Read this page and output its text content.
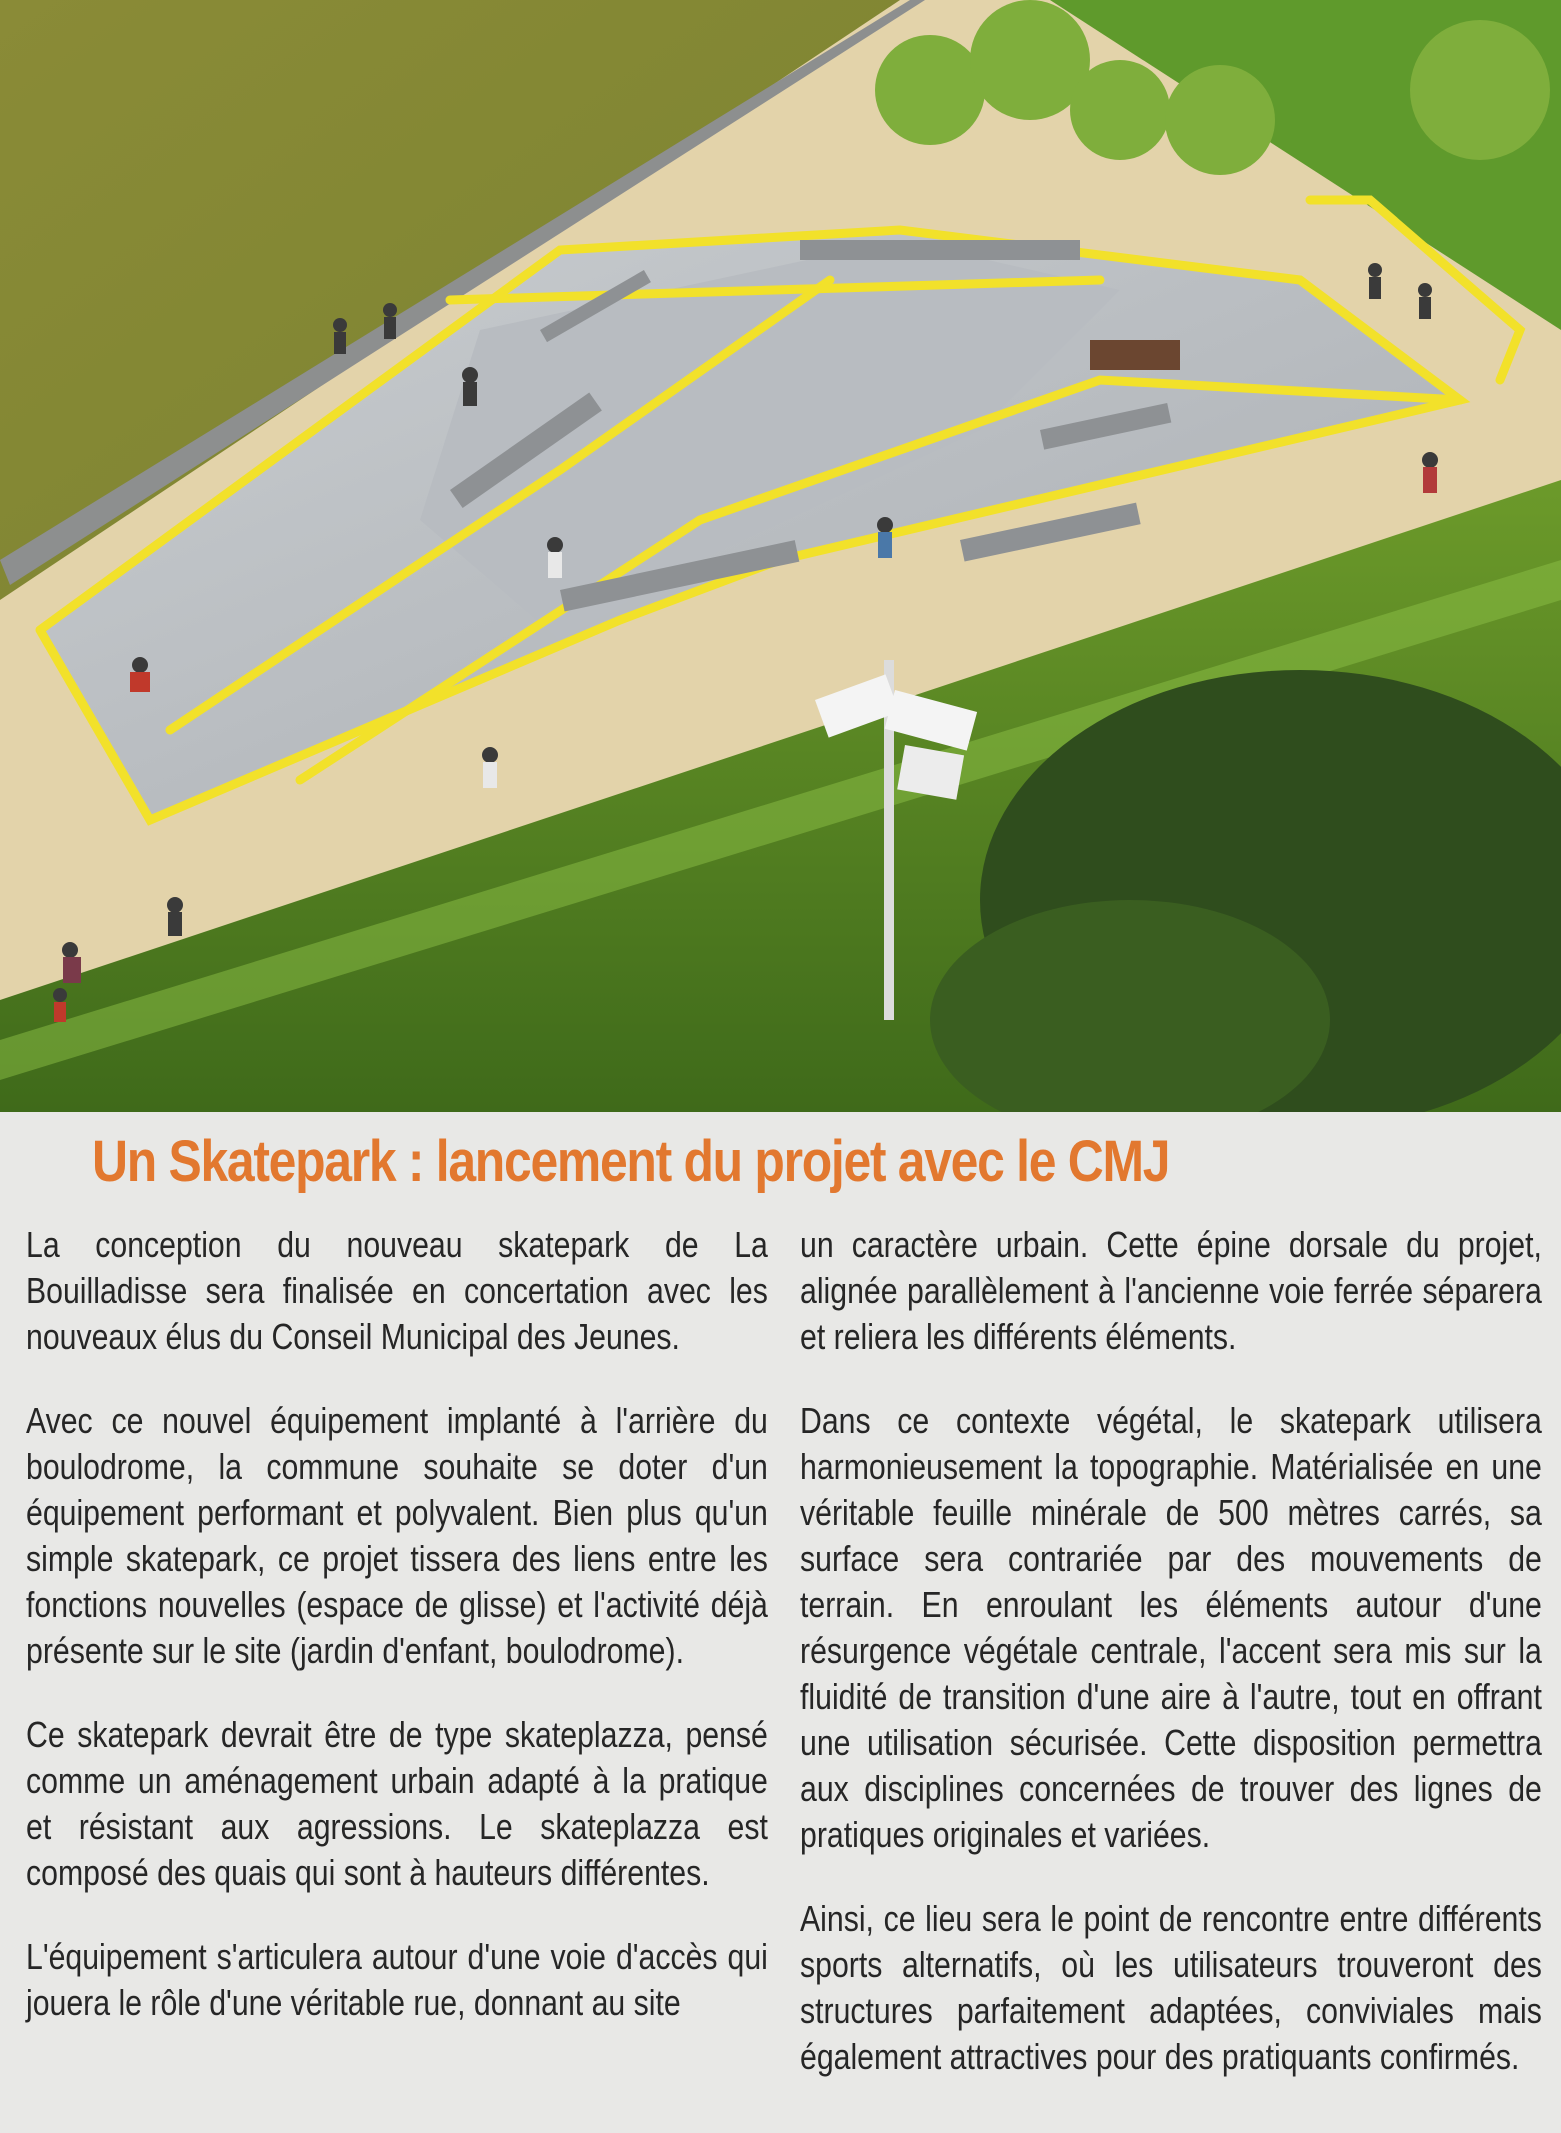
Un Skatepark : lancement du projet avec le CMJ

La conception du nouveau skatepark de La Bouilladisse sera finalisée en concertation avec les nouveaux élus du Conseil Municipal des Jeunes.

Avec ce nouvel équipement implanté à l'arrière du boulodrome, la commune souhaite se doter d'un équipement performant et polyvalent. Bien plus qu'un simple skatepark, ce projet tissera des liens entre les fonctions nouvelles (espace de glisse) et l'activité déjà présente sur le site (jardin d'enfant, boulodrome).

Ce skatepark devrait être de type skateplazza, pensé comme un aménagement urbain adapté à la pratique et résistant aux agressions. Le skateplazza est composé des quais qui sont à hauteurs différentes.

L'équipement s'articulera autour d'une voie d'accès qui jouera le rôle d'une véritable rue, donnant au site

un caractère urbain. Cette épine dorsale du projet, alignée parallèlement à l'ancienne voie ferrée séparera et reliera les différents éléments.

Dans ce contexte végétal, le skatepark utilisera harmonieusement la topographie. Matérialisée en une véritable feuille minérale de 500 mètres carrés, sa surface sera contrariée par des mouvements de terrain. En enroulant les éléments autour d'une résurgence végétale centrale, l'accent sera mis sur la fluidité de transition d'une aire à l'autre, tout en offrant une utilisation sécurisée. Cette disposition permettra aux disciplines concernées de trouver des lignes de pratiques originales et variées.

Ainsi, ce lieu sera le point de rencontre entre différents sports alternatifs, où les utilisateurs trouveront des structures parfaitement adaptées, conviviales mais également attractives pour des pratiquants confirmés.
